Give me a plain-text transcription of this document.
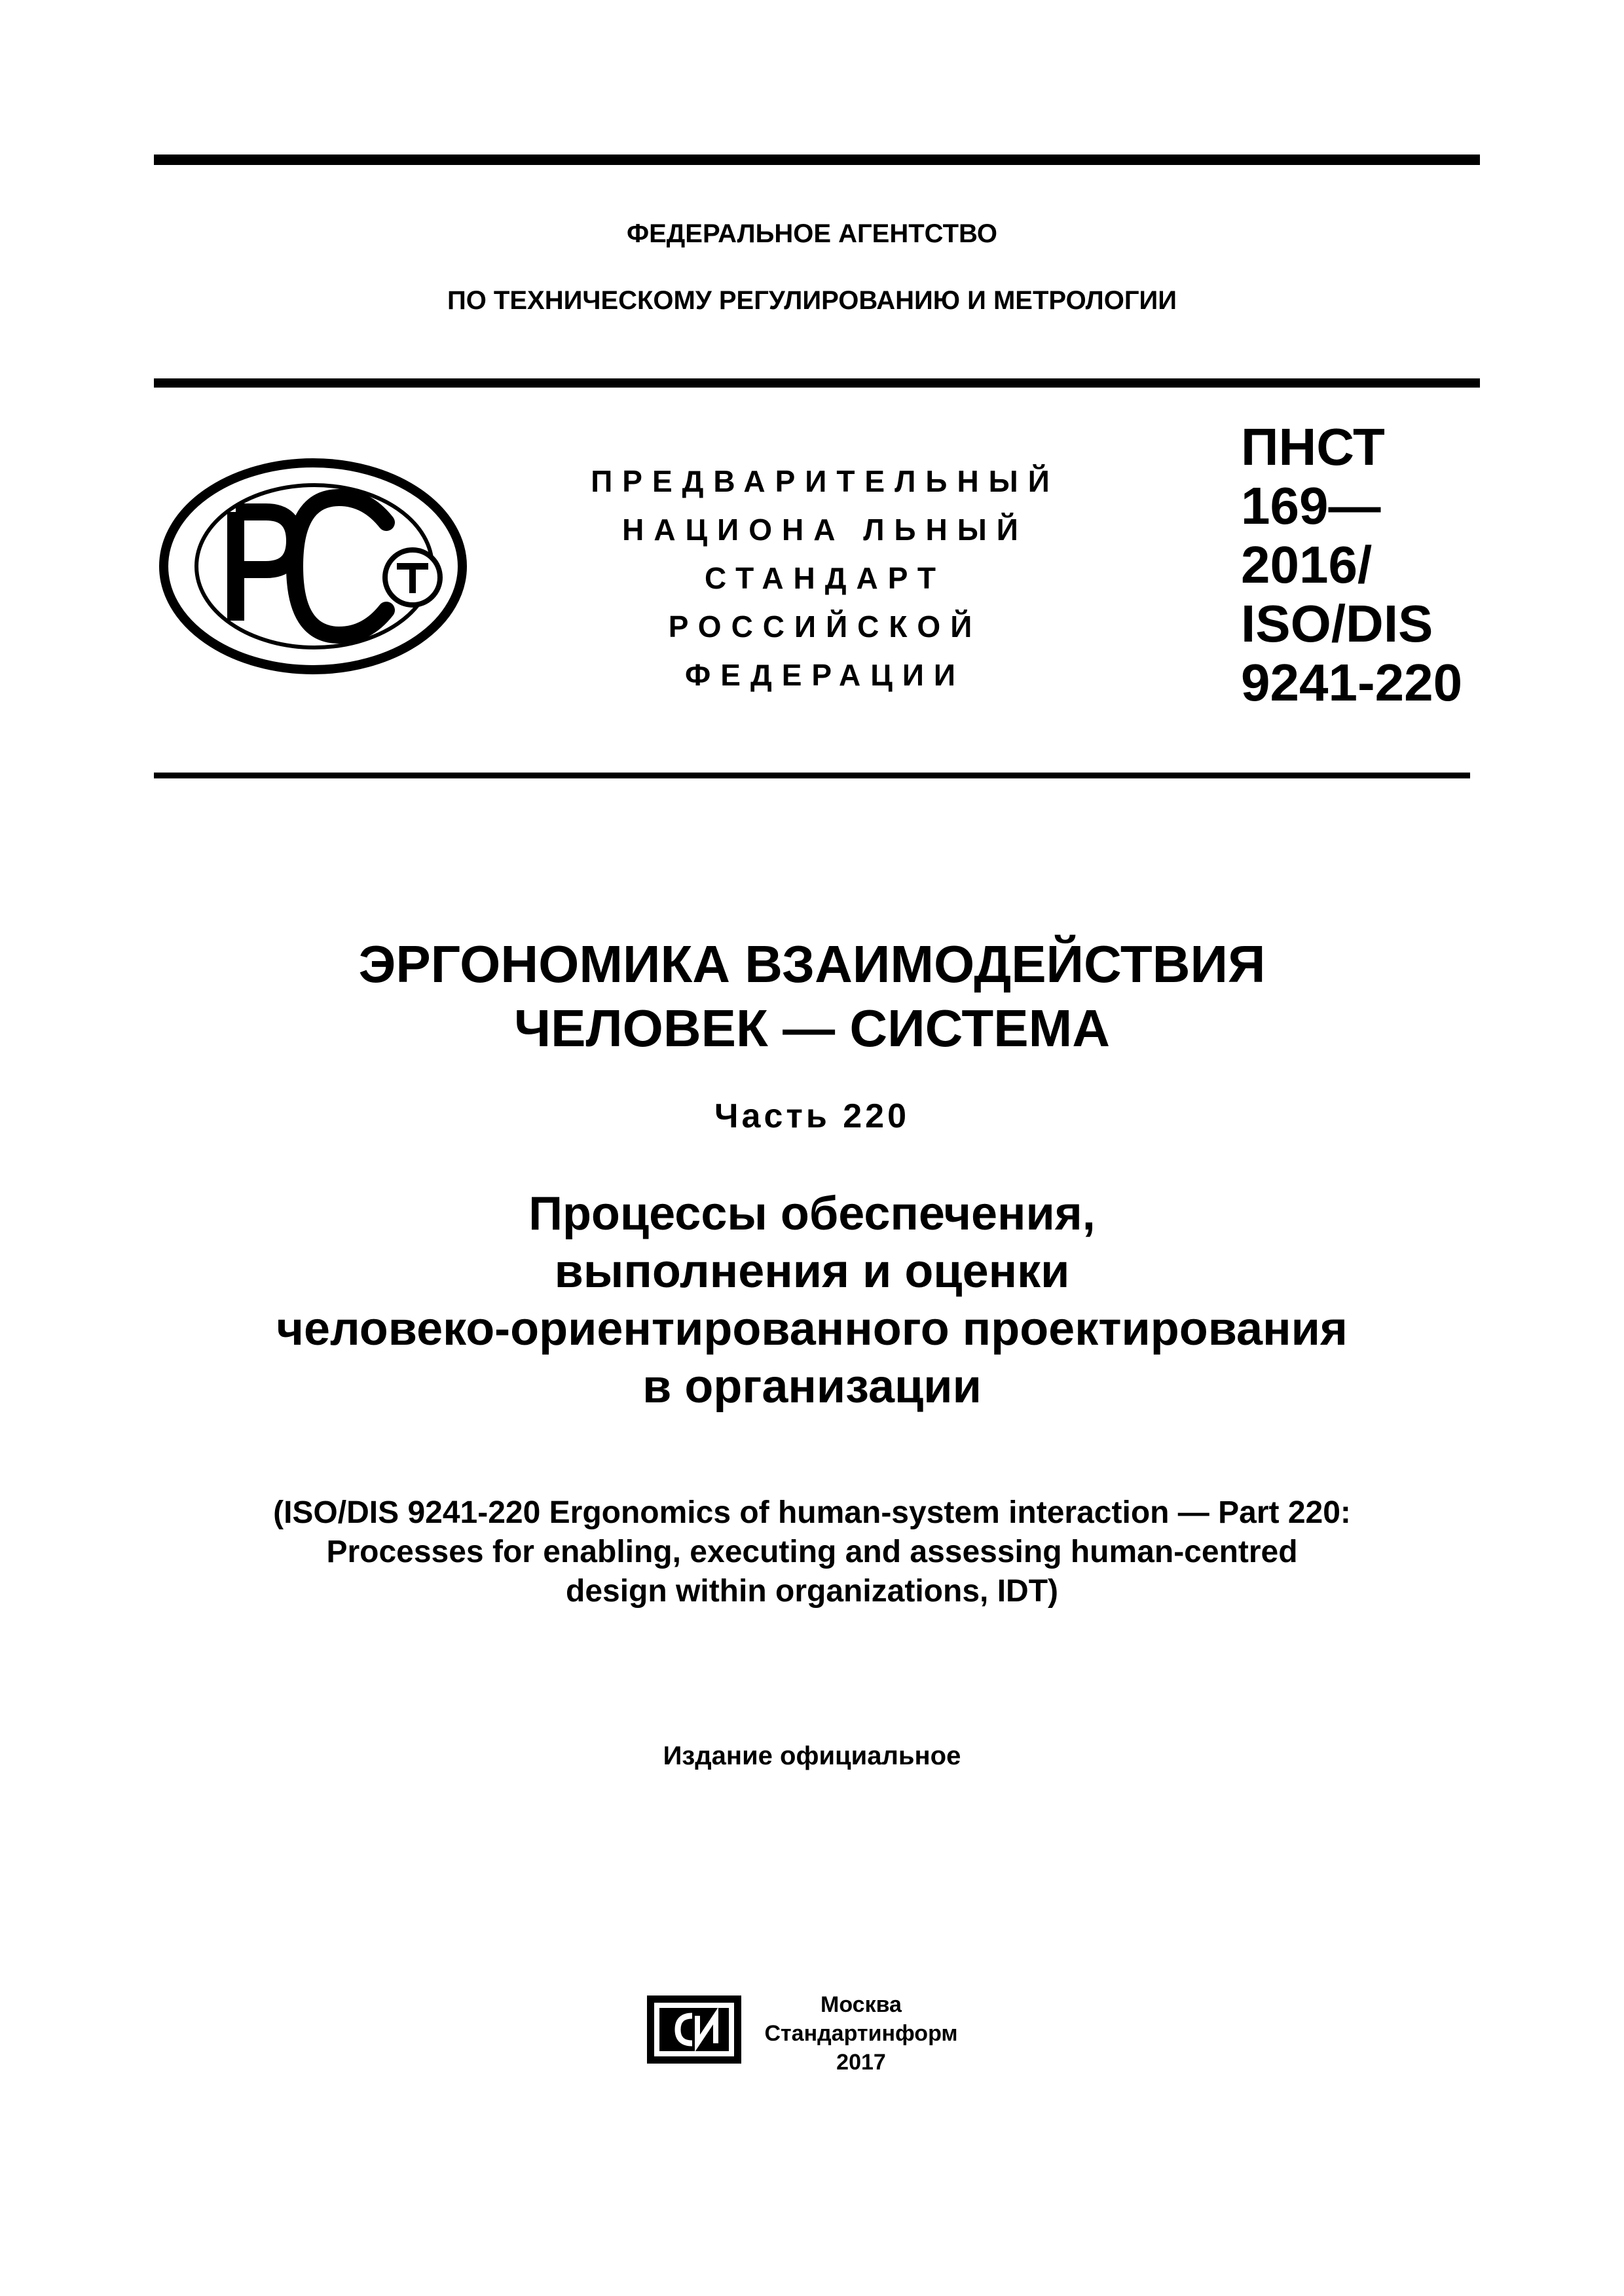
ФЕДЕРАЛЬНОЕ АГЕНТСТВО
ПО ТЕХНИЧЕСКОМУ РЕГУЛИРОВАНИЮ И МЕТРОЛОГИИ
ПРЕДВАРИТЕЛЬНЫЙ
НАЦИОНА ЛЬНЫЙ
СТАНДАРТ
РОССИЙСКОЙ
ФЕДЕРАЦИИ
ПНСТ
169—
2016/
ISO/DIS
9241-220
ЭРГОНОМИКА ВЗАИМОДЕЙСТВИЯ
ЧЕЛОВЕК — СИСТЕМА
Часть 220
Процессы обеспечения,
выполнения и оценки
человеко-ориентированного проектирования
в организации
(ISO/DIS 9241-220 Ergonomics of human-system interaction — Part 220:
Processes for enabling, executing and assessing human-centred
design within organizations, IDT)
Издание официальное
Москва
Стандартинформ
2017
